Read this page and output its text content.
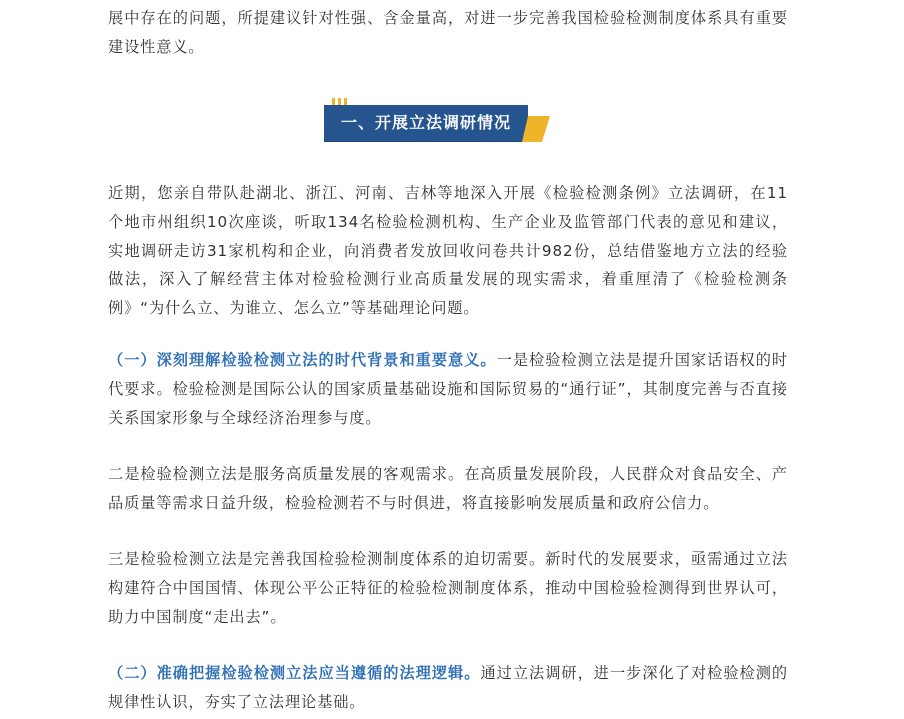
展中存在的问题，所提建议针对性强、含金量高，对进一步完善我国检验检测制度体系具有重要建设性意义。

近期，您亲自带队赴湖北、浙江、河南、吉林等地深入开展《检验检测条例》立法调研，在11个地市州组织10次座谈，听取134名检验检测机构、生产企业及监管部门代表的意见和建议，实地调研走访31家机构和企业，向消费者发放回收问卷共计982份，总结借鉴地方立法的经验做法，深入了解经营主体对检验检测行业高质量发展的现实需求，着重厘清了《检验检测条例》“为什么立、为谁立、怎么立”等基础理论问题。

（一）深刻理解检验检测立法的时代背景和重要意义。一是检验检测立法是提升国家话语权的时代要求。检验检测是国际公认的国家质量基础设施和国际贸易的“通行证”，其制度完善与否直接关系国家形象与全球经济治理参与度。

二是检验检测立法是服务高质量发展的客观需求。在高质量发展阶段，人民群众对食品安全、产品质量等需求日益升级，检验检测若不与时俱进，将直接影响发展质量和政府公信力。

三是检验检测立法是完善我国检验检测制度体系的迫切需要。新时代的发展要求，亟需通过立法构建符合中国国情、体现公平公正特征的检验检测制度体系，推动中国检验检测得到世界认可，助力中国制度“走出去”。

（二）准确把握检验检测立法应当遵循的法理逻辑。通过立法调研，进一步深化了对检验检测的规律性认识，夯实了立法理论基础。

一、开展立法调研情况
